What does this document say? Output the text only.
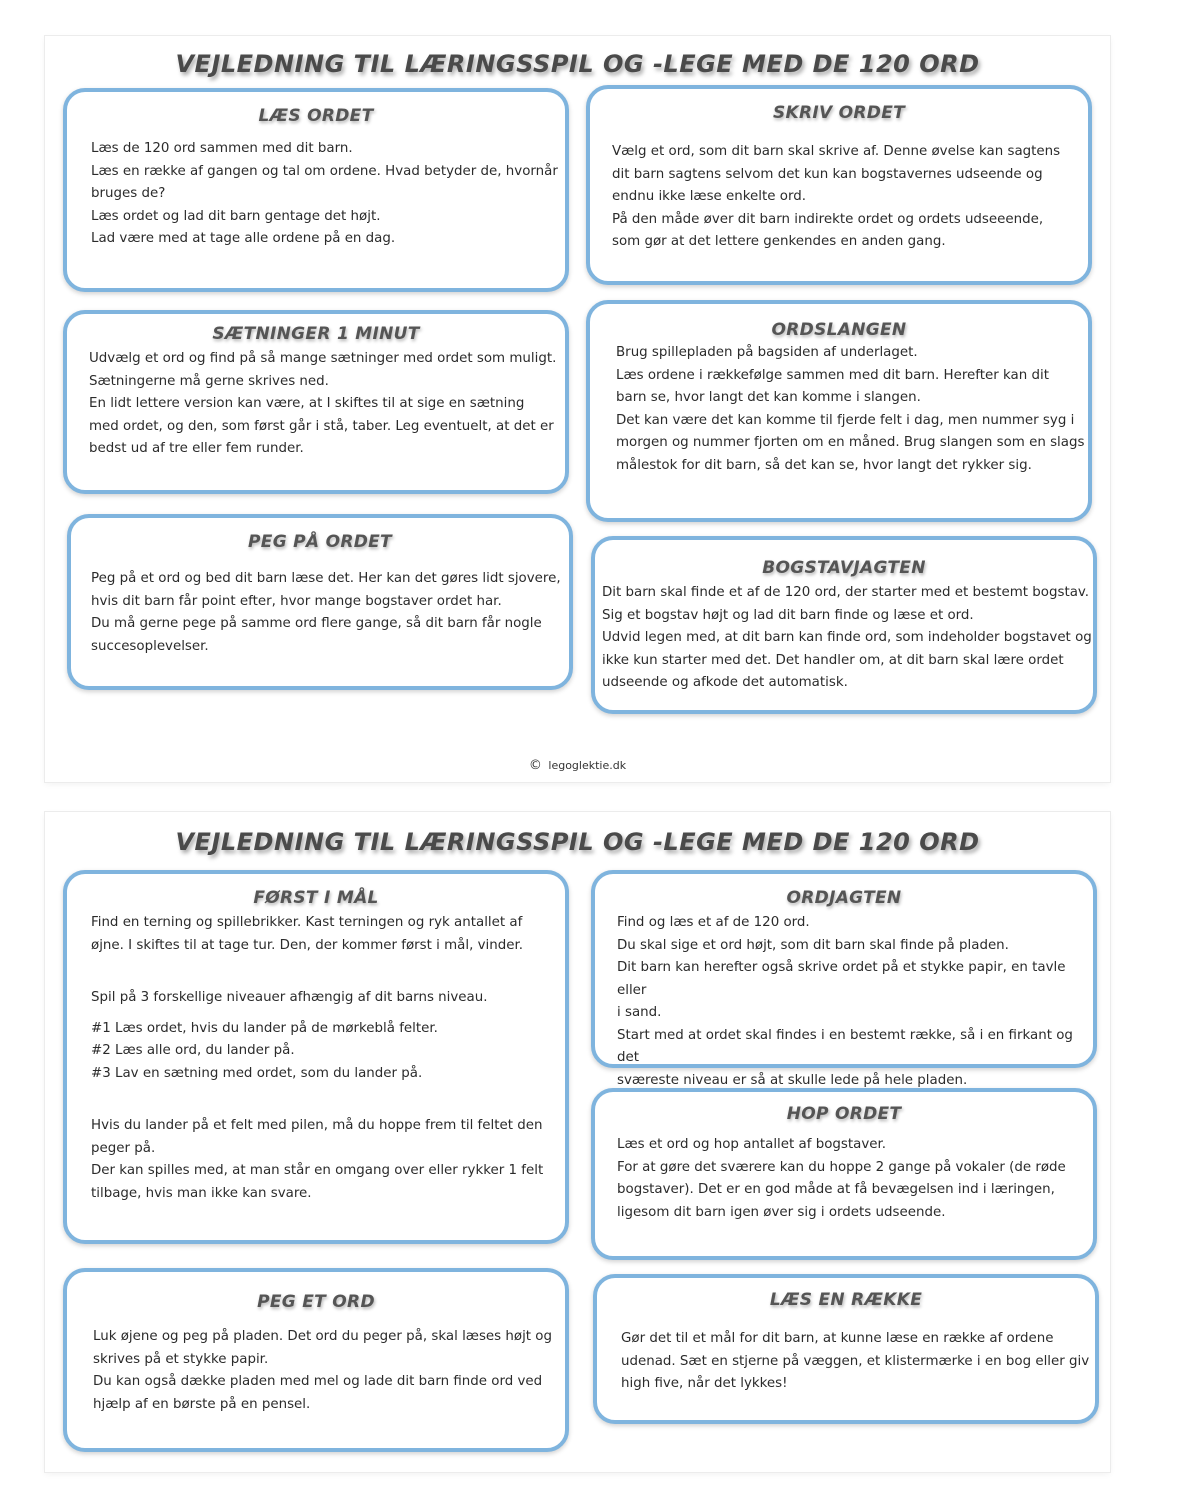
VEJLEDNING TIL LÆRINGSSPIL OG -LEGE MED DE 120 ORD
LÆS ORDET

Læs de 120 ord sammen med dit barn.

Læs en række af gangen og tal om ordene. Hvad betyder de, hvornår

bruges de?

Læs ordet og lad dit barn gentage det højt.

Lad være med at tage alle ordene på en dag.

SKRIV ORDET

Vælg et ord, som dit barn skal skrive af. Denne øvelse kan sagtens

dit barn sagtens selvom det kun kan bogstavernes udseende og

endnu ikke læse enkelte ord.

På den måde øver dit barn indirekte ordet og ordets udseeende,

som gør at det lettere genkendes en anden gang.

SÆTNINGER 1 MINUT

Udvælg et ord og find på så mange sætninger med ordet som muligt.

Sætningerne må gerne skrives ned.

En lidt lettere version kan være, at I skiftes til at sige en sætning

med ordet, og den, som først går i stå, taber. Leg eventuelt, at det er

bedst ud af tre eller fem runder.

ORDSLANGEN

Brug spillepladen på bagsiden af underlaget.

Læs ordene i rækkefølge sammen med dit barn. Herefter kan dit

barn se, hvor langt det kan komme i slangen.

Det kan være det kan komme til fjerde felt i dag, men nummer syg i

morgen og nummer fjorten om en måned. Brug slangen som en slags

målestok for dit barn, så det kan se, hvor langt det rykker sig.

PEG PÅ ORDET

Peg på et ord og bed dit barn læse det. Her kan det gøres lidt sjovere,

hvis dit barn får point efter, hvor mange bogstaver ordet har.

Du må gerne pege på samme ord flere gange, så dit barn får nogle

succesoplevelser.

BOGSTAVJAGTEN

Dit barn skal finde et af de 120 ord, der starter med et bestemt bogstav.

Sig et bogstav højt og lad dit barn finde og læse et ord.

Udvid legen med, at dit barn kan finde ord, som indeholder bogstavet og

ikke kun starter med det. Det handler om, at dit barn skal lære ordet

udseende og afkode det automatisk.

© legoglektie.dk
VEJLEDNING TIL LÆRINGSSPIL OG -LEGE MED DE 120 ORD
FØRST I MÅL

Find en terning og spillebrikker. Kast terningen og ryk antallet af

øjne. I skiftes til at tage tur. Den, der kommer først i mål, vinder.

Spil på 3 forskellige niveauer afhængig af dit barns niveau.

#1 Læs ordet, hvis du lander på de mørkeblå felter.

#2 Læs alle ord, du lander på.

#3 Lav en sætning med ordet, som du lander på.

Hvis du lander på et felt med pilen, må du hoppe frem til feltet den

peger på.

Der kan spilles med, at man står en omgang over eller rykker 1 felt

tilbage, hvis man ikke kan svare.

ORDJAGTEN

Find og læs et af de 120 ord.

Du skal sige et ord højt, som dit barn skal finde på pladen.

Dit barn kan herefter også skrive ordet på et stykke papir, en tavle eller

i sand.

Start med at ordet skal findes i en bestemt række, så i en firkant og det

sværeste niveau er så at skulle lede på hele pladen.

HOP ORDET

Læs et ord og hop antallet af bogstaver.

For at gøre det sværere kan du hoppe 2 gange på vokaler (de røde

bogstaver). Det er en god måde at få bevægelsen ind i læringen,

ligesom dit barn igen øver sig i ordets udseende.

PEG ET ORD

Luk øjene og peg på pladen. Det ord du peger på, skal læses højt og

skrives på et stykke papir.

Du kan også dække pladen med mel og lade dit barn finde ord ved

hjælp af en børste på en pensel.

LÆS EN RÆKKE

Gør det til et mål for dit barn, at kunne læse en række af ordene

udenad. Sæt en stjerne på væggen, et klistermærke i en bog eller giv

high five, når det lykkes!
